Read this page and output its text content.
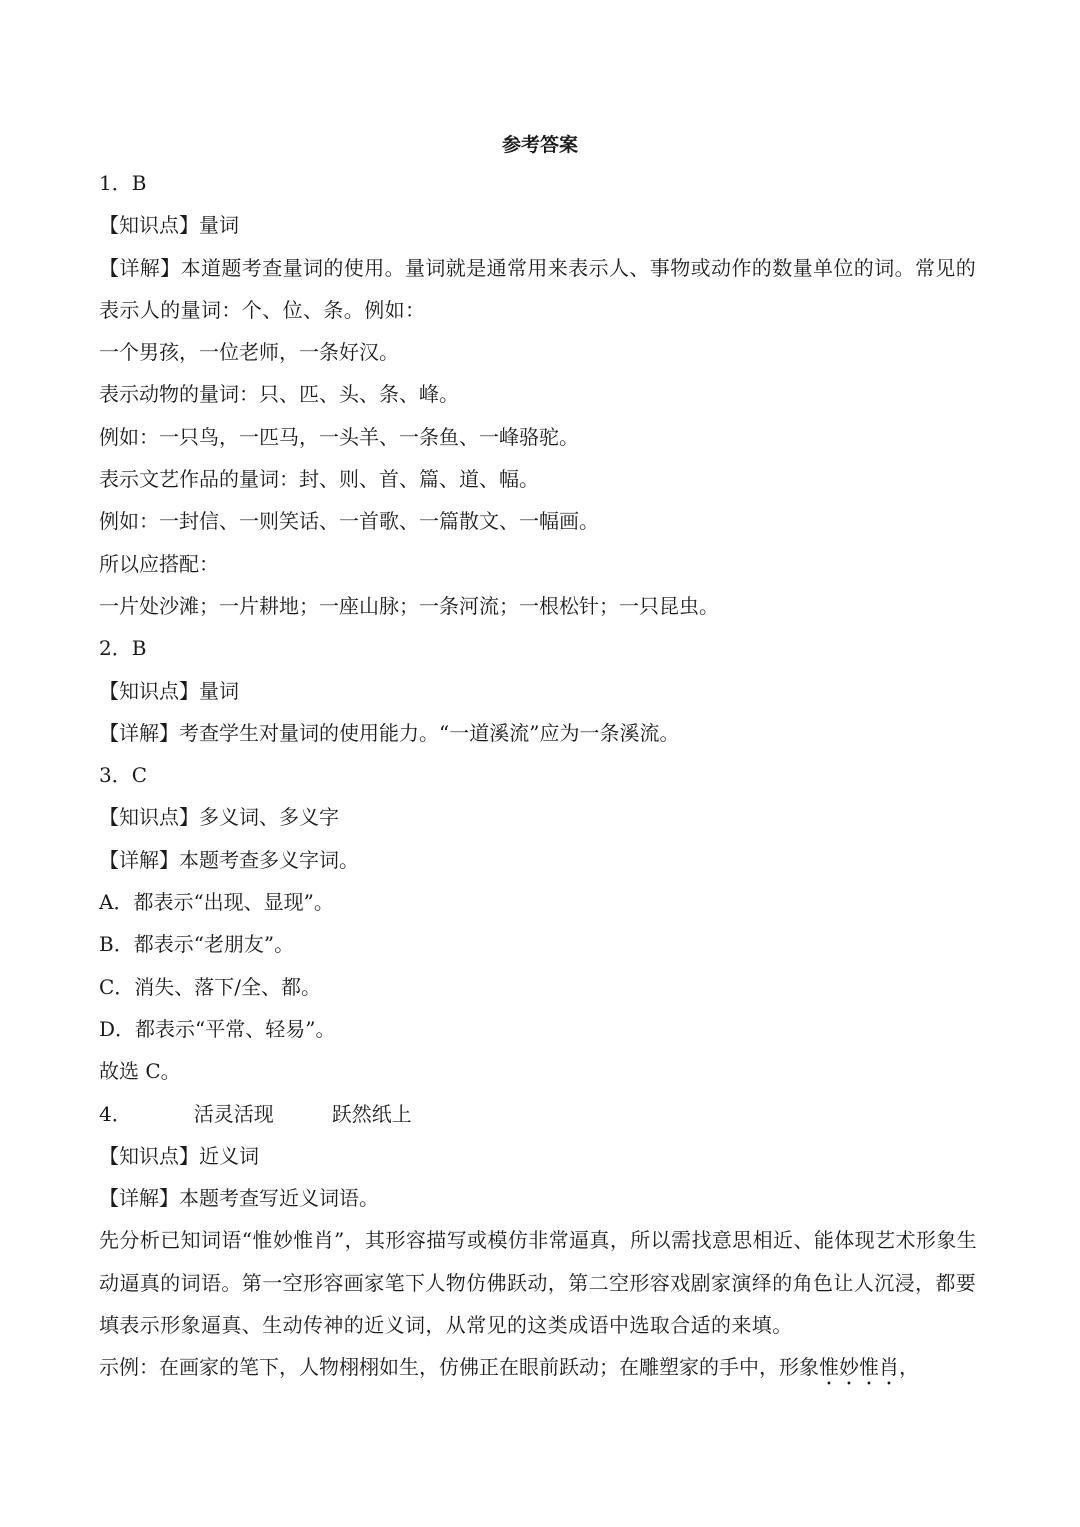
参考答案
1．B
【知识点】量词
【详解】本道题考查量词的使用。量词就是通常用来表示人、事物或动作的数量单位的词。常见的表示人的量词：个、位、条。例如：
一个男孩，一位老师，一条好汉。
表示动物的量词：只、匹、头、条、峰。
例如：一只鸟，一匹马，一头羊、一条鱼、一峰骆驼。
表示文艺作品的量词：封、则、首、篇、道、幅。
例如：一封信、一则笑话、一首歌、一篇散文、一幅画。
所以应搭配：
一片处沙滩；一片耕地；一座山脉；一条河流；一根松针；一只昆虫。
2．B
【知识点】量词
【详解】考查学生对量词的使用能力。“一道溪流”应为一条溪流。
3．C
【知识点】多义词、多义字
【详解】本题考查多义字词。
A．都表示“出现、显现”。
B．都表示“老朋友”。
C．消失、落下/全、都。
D．都表示“平常、轻易”。
故选 C。
4．	活灵活现	跃然纸上
【知识点】近义词
【详解】本题考查写近义词语。
先分析已知词语“惟妙惟肖”，其形容描写或模仿非常逼真，所以需找意思相近、能体现艺术形象生动逼真的词语。第一空形容画家笔下人物仿佛跃动，第二空形容戏剧家演绎的角色让人沉浸，都要填表示形象逼真、生动传神的近义词，从常见的这类成语中选取合适的来填。
示例：在画家的笔下，人物栩栩如生，仿佛正在眼前跃动；在雕塑家的手中，形象惟妙惟肖，
